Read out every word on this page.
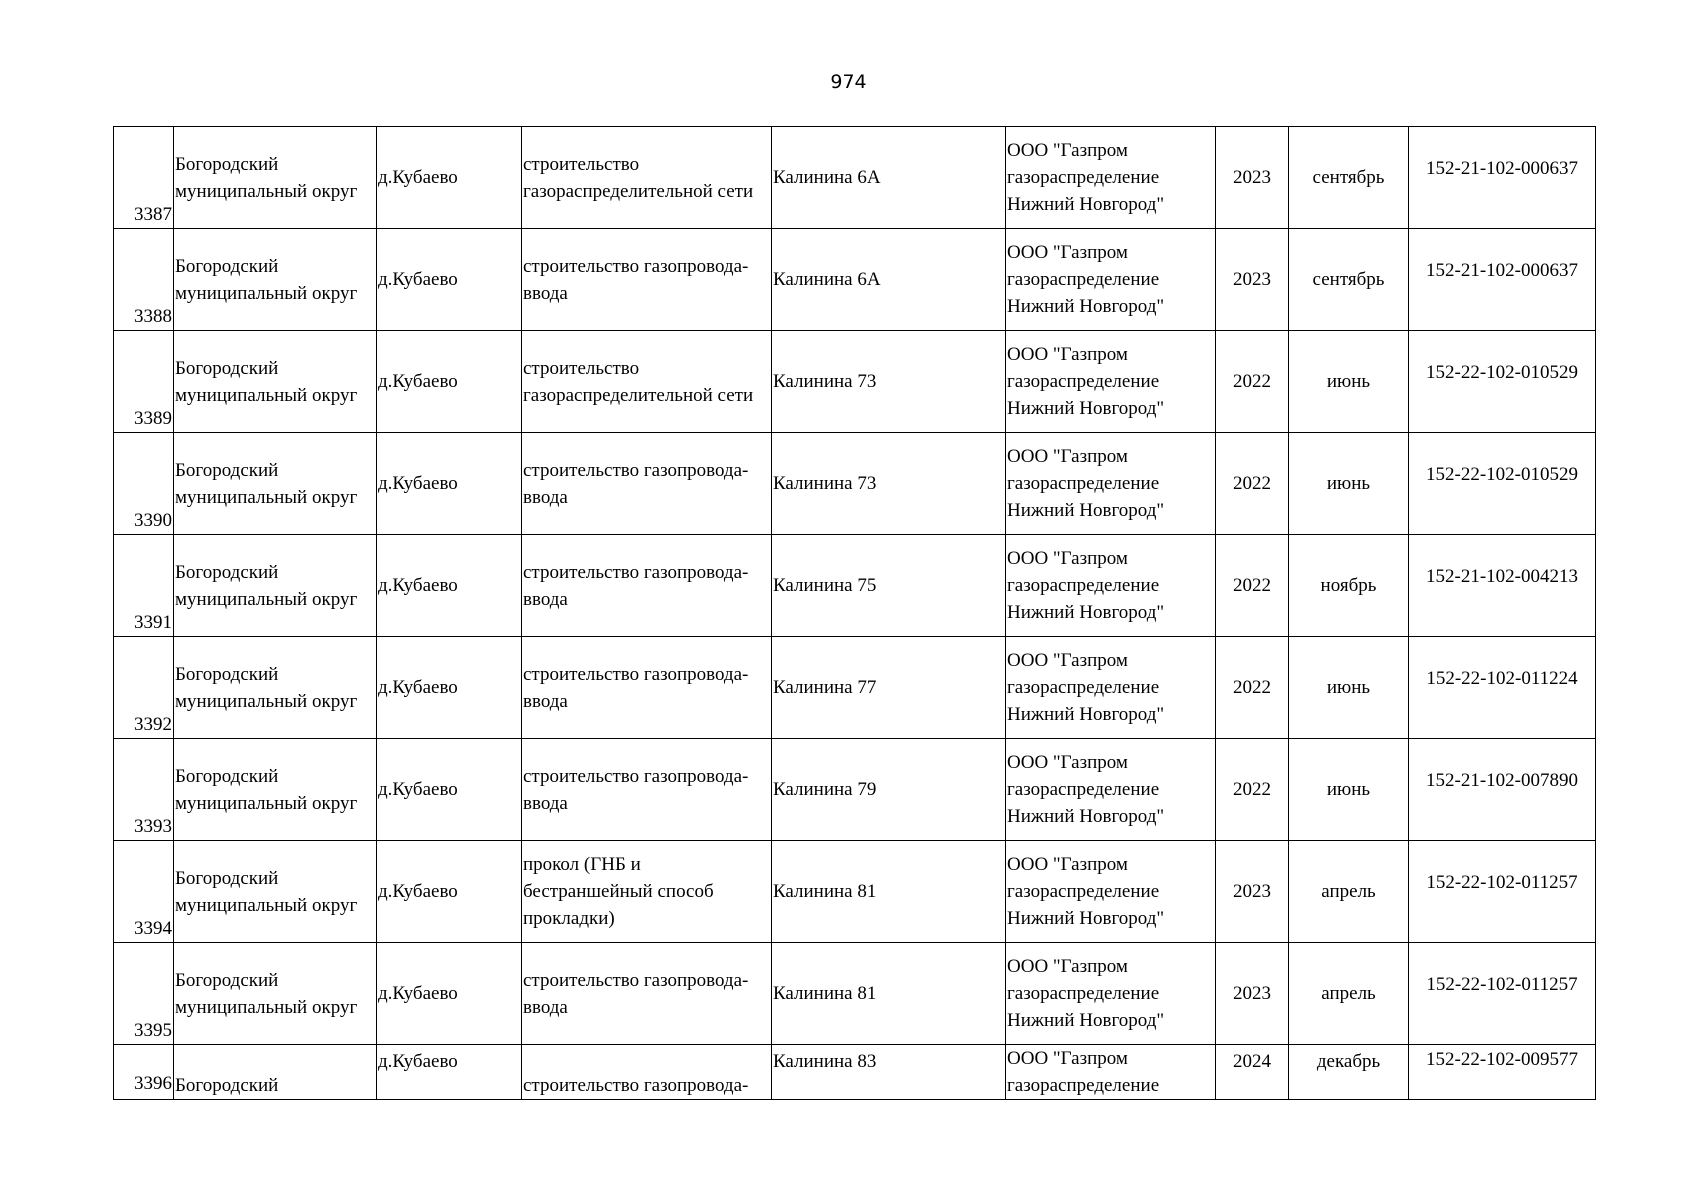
974
3387	Богородский муниципальный округ	д.Кубаево	строительство
газораспределительной сети	Калинина 6А	ООО "Газпром
газораспределение
Нижний Новгород"	2023	сентябрь	152-21-102-000637
3388	Богородский муниципальный округ	д.Кубаево	строительство газопровода-
ввода	Калинина 6А	ООО "Газпром
газораспределение
Нижний Новгород"	2023	сентябрь	152-21-102-000637
3389	Богородский муниципальный округ	д.Кубаево	строительство
газораспределительной сети	Калинина 73	ООО "Газпром
газораспределение
Нижний Новгород"	2022	июнь	152-22-102-010529
3390	Богородский муниципальный округ	д.Кубаево	строительство газопровода-
ввода	Калинина 73	ООО "Газпром
газораспределение
Нижний Новгород"	2022	июнь	152-22-102-010529
3391	Богородский муниципальный округ	д.Кубаево	строительство газопровода-
ввода	Калинина 75	ООО "Газпром
газораспределение
Нижний Новгород"	2022	ноябрь	152-21-102-004213
3392	Богородский муниципальный округ	д.Кубаево	строительство газопровода-
ввода	Калинина 77	ООО "Газпром
газораспределение
Нижний Новгород"	2022	июнь	152-22-102-011224
3393	Богородский муниципальный округ	д.Кубаево	строительство газопровода-
ввода	Калинина 79	ООО "Газпром
газораспределение
Нижний Новгород"	2022	июнь	152-21-102-007890
3394	Богородский муниципальный округ	д.Кубаево	прокол (ГНБ и
бестраншейный способ
прокладки)	Калинина 81	ООО "Газпром
газораспределение
Нижний Новгород"	2023	апрель	152-22-102-011257
3395	Богородский муниципальный округ	д.Кубаево	строительство газопровода-
ввода	Калинина 81	ООО "Газпром
газораспределение
Нижний Новгород"	2023	апрель	152-22-102-011257
3396	Богородский	д.Кубаево	строительство газопровода-	Калинина 83	ООО "Газпром
газораспределение	2024	декабрь	152-22-102-009577
